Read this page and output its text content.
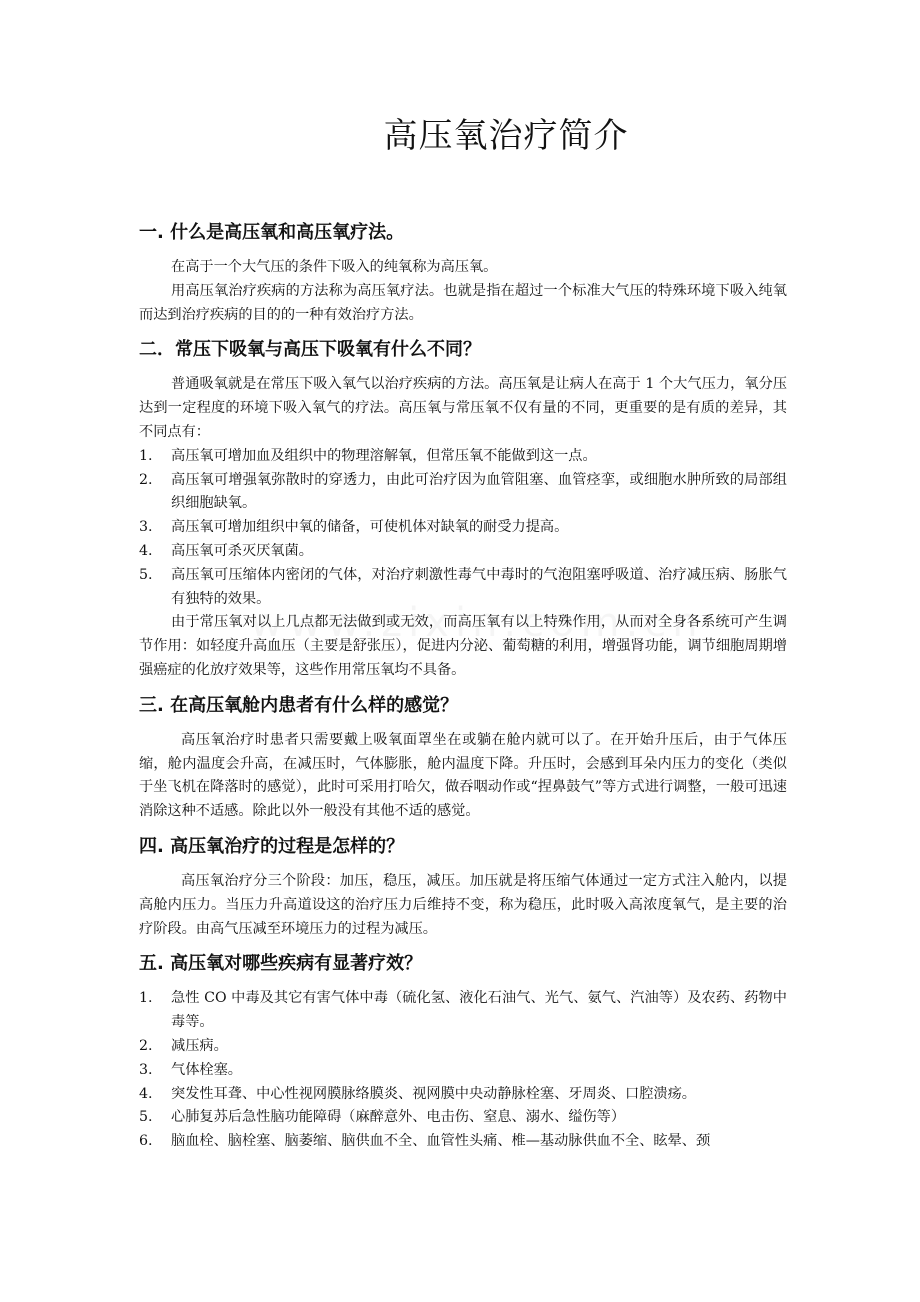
高压氧治疗简介
一. 什么是高压氧和高压氧疗法。

在高于一个大气压的条件下吸入的纯氧称为高压氧。

用高压氧治疗疾病的方法称为高压氧疗法。也就是指在超过一个标准大气压的特殊环境下吸入纯氧而达到治疗疾病的目的的一种有效治疗方法。

二．常压下吸氧与高压下吸氧有什么不同？

普通吸氧就是在常压下吸入氧气以治疗疾病的方法。高压氧是让病人在高于 1 个大气压力，氧分压达到一定程度的环境下吸入氧气的疗法。高压氧与常压氧不仅有量的不同，更重要的是有质的差异，其不同点有：

1. 高压氧可增加血及组织中的物理溶解氧，但常压氧不能做到这一点。
2. 高压氧可增强氧弥散时的穿透力，由此可治疗因为血管阻塞、血管痉挛，或细胞水肿所致的局部组织细胞缺氧。
3. 高压氧可增加组织中氧的储备，可使机体对缺氧的耐受力提高。
4. 高压氧可杀灭厌氧菌。
5. 高压氧可压缩体内密闭的气体，对治疗刺激性毒气中毒时的气泡阻塞呼吸道、治疗减压病、肠胀气有独特的效果。

由于常压氧对以上几点都无法做到或无效，而高压氧有以上特殊作用，从而对全身各系统可产生调节作用：如轻度升高血压（主要是舒张压），促进内分泌、葡萄糖的利用，增强肾功能，调节细胞周期增强癌症的化放疗效果等，这些作用常压氧均不具备。

三. 在高压氧舱内患者有什么样的感觉？

高压氧治疗时患者只需要戴上吸氧面罩坐在或躺在舱内就可以了。在开始升压后，由于气体压缩，舱内温度会升高，在减压时，气体膨胀，舱内温度下降。升压时，会感到耳朵内压力的变化（类似于坐飞机在降落时的感觉），此时可采用打哈欠，做吞咽动作或“捏鼻鼓气”等方式进行调整，一般可迅速消除这种不适感。除此以外一般没有其他不适的感觉。

四. 高压氧治疗的过程是怎样的？

高压氧治疗分三个阶段：加压，稳压，减压。加压就是将压缩气体通过一定方式注入舱内，以提高舱内压力。当压力升高道设这的治疗压力后维持不变，称为稳压，此时吸入高浓度氧气，是主要的治疗阶段。由高气压减至环境压力的过程为减压。

五. 高压氧对哪些疾病有显著疗效？
1. 急性 CO 中毒及其它有害气体中毒（硫化氢、液化石油气、光气、氨气、汽油等）及农药、药物中毒等。
2. 减压病。
3. 气体栓塞。
4. 突发性耳聋、中心性视网膜脉络膜炎、视网膜中央动静脉栓塞、牙周炎、口腔溃疡。
5. 心肺复苏后急性脑功能障碍（麻醉意外、电击伤、窒息、溺水、缢伤等）
6. 脑血栓、脑栓塞、脑萎缩、脑供血不全、血管性头痛、椎—基动脉供血不全、眩晕、颈
